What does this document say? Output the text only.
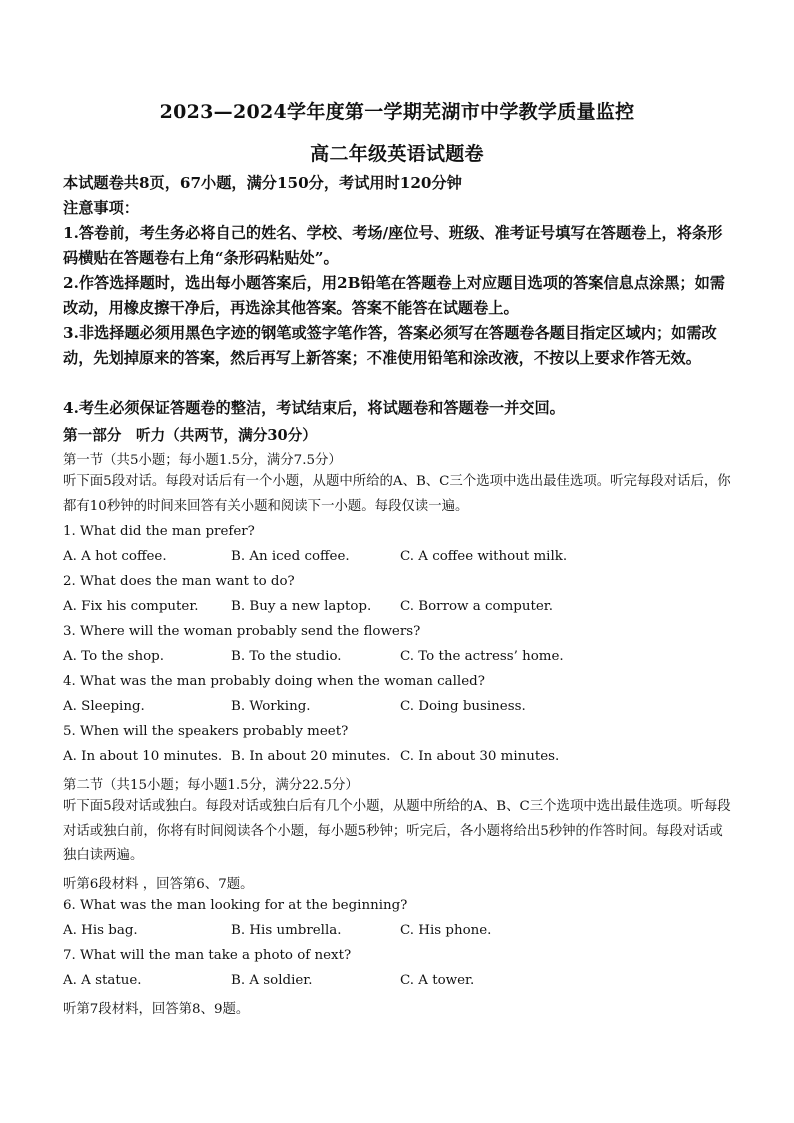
2023—2024学年度第一学期芜湖市中学教学质量监控
高二年级英语试题卷
本试题卷共8页，67小题，满分150分，考试用时120分钟
注意事项：
1.答卷前，考生务必将自己的姓名、学校、考场/座位号、班级、准考证号填写在答题卷上，将条形码横贴在答题卷右上角“条形码粘贴处”。
2.作答选择题时，选出每小题答案后，用2B铅笔在答题卷上对应题目选项的答案信息点涂黑；如需改动，用橡皮擦干净后，再选涂其他答案。答案不能答在试题卷上。
3.非选择题必须用黑色字迹的钢笔或签字笔作答，答案必须写在答题卷各题目指定区域内；如需改动，先划掉原来的答案，然后再写上新答案；不准使用铅笔和涂改液，不按以上要求作答无效。
4.考生必须保证答题卷的整洁，考试结束后，将试题卷和答题卷一并交回。
第一部分　听力（共两节，满分30分）
第一节（共5小题；每小题1.5分，满分7.5分）
听下面5段对话。每段对话后有一个小题，从题中所给的A、B、C三个选项中选出最佳选项。听完每段对话后，你都有10秒钟的时间来回答有关小题和阅读下一小题。每段仅读一遍。
1. What did the man prefer?
A. A hot coffee.	B. An iced coffee.	C. A coffee without milk.
2. What does the man want to do?
A. Fix his computer. B. Buy a new laptop. C. Borrow a computer.
3. Where will the woman probably send the flowers?
A. To the shop.	B. To the studio.	C. To the actress’ home.
4. What was the man probably doing when the woman called?
A. Sleeping.	B. Working.	C. Doing business.
5. When will the speakers probably meet?
A. In about 10 minutes. B. In about 20 minutes. C. In about 30 minutes.
第二节（共15小题；每小题1.5分，满分22.5分）
听下面5段对话或独白。每段对话或独白后有几个小题，从题中所给的A、B、C三个选项中选出最佳选项。听每段对话或独白前，你将有时间阅读各个小题，每小题5秒钟；听完后，各小题将给出5秒钟的作答时间。每段对话或独白读两遍。
听第6段材料 ，回答第6、7题。
6. What was the man looking for at the beginning?
A. His bag.	B. His umbrella.	C. His phone.
7. What will the man take a photo of next?
A. A statue.	B. A soldier.	C. A tower.
听第7段材料，回答第8、9题。
